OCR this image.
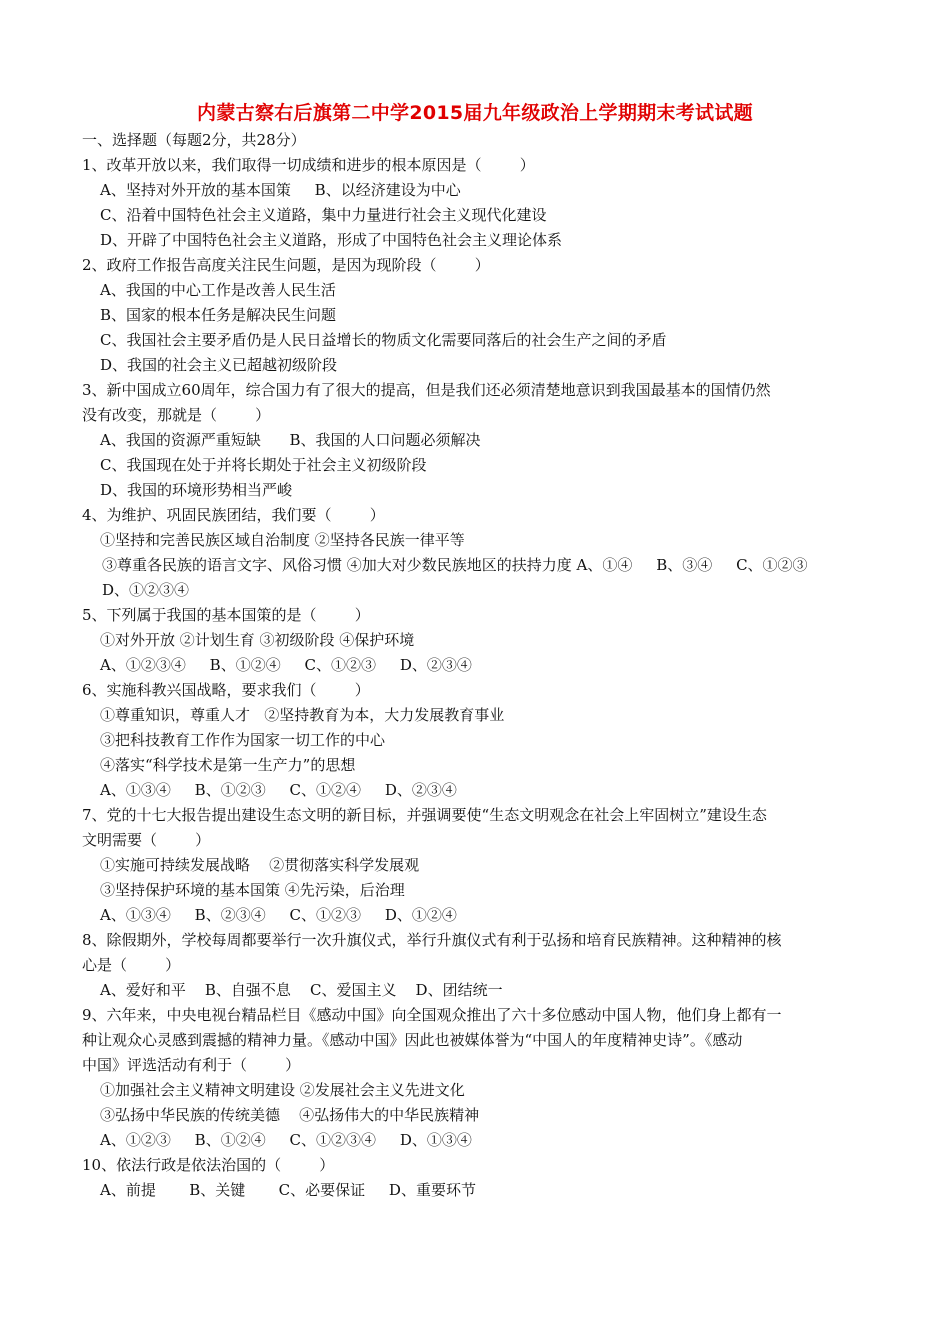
内蒙古察右后旗第二中学2015届九年级政治上学期期末考试试题
一、选择题（每题2分，共28分）
1、改革开放以来，我们取得一切成绩和进步的根本原因是（        ）
A、坚持对外开放的基本国策     B、以经济建设为中心
C、沿着中国特色社会主义道路，集中力量进行社会主义现代化建设
D、开辟了中国特色社会主义道路，形成了中国特色社会主义理论体系
2、政府工作报告高度关注民生问题，是因为现阶段（        ）
A、我国的中心工作是改善人民生活
B、国家的根本任务是解决民生问题
C、我国社会主要矛盾仍是人民日益增长的物质文化需要同落后的社会生产之间的矛盾
D、我国的社会主义已超越初级阶段
3、新中国成立60周年，综合国力有了很大的提高，但是我们还必须清楚地意识到我国最基本的国情仍然
没有改变，那就是（        ）
A、我国的资源严重短缺      B、我国的人口问题必须解决
C、我国现在处于并将长期处于社会主义初级阶段
D、我国的环境形势相当严峻
4、为维护、巩固民族团结，我们要（        ）
①坚持和完善民族区域自治制度 ②坚持各民族一律平等
③尊重各民族的语言文字、风俗习惯 ④加大对少数民族地区的扶持力度 A、①④     B、③④     C、①②③
D、①②③④
5、下列属于我国的基本国策的是（        ）
①对外开放 ②计划生育 ③初级阶段 ④保护环境
A、①②③④     B、①②④     C、①②③     D、②③④
6、实施科教兴国战略，要求我们（        ）
①尊重知识，尊重人才   ②坚持教育为本，大力发展教育事业
③把科技教育工作作为国家一切工作的中心
④落实“科学技术是第一生产力”的思想
A、①③④     B、①②③     C、①②④     D、②③④
7、党的十七大报告提出建设生态文明的新目标，并强调要使“生态文明观念在社会上牢固树立”建设生态
文明需要（        ）
①实施可持续发展战略    ②贯彻落实科学发展观
③坚持保护环境的基本国策 ④先污染，后治理
A、①③④     B、②③④     C、①②③     D、①②④
8、除假期外，学校每周都要举行一次升旗仪式，举行升旗仪式有利于弘扬和培育民族精神。这种精神的核
心是（        ）
A、爱好和平    B、自强不息    C、爱国主义    D、团结统一
9、六年来，中央电视台精品栏目《感动中国》向全国观众推出了六十多位感动中国人物，他们身上都有一
种让观众心灵感到震撼的精神力量。《感动中国》因此也被媒体誉为“中国人的年度精神史诗”。《感动
中国》评选活动有利于（        ）
①加强社会主义精神文明建设 ②发展社会主义先进文化
③弘扬中华民族的传统美德    ④弘扬伟大的中华民族精神
A、①②③     B、①②④     C、①②③④     D、①③④
10、依法行政是依法治国的（        ）
A、前提       B、关键       C、必要保证     D、重要环节
